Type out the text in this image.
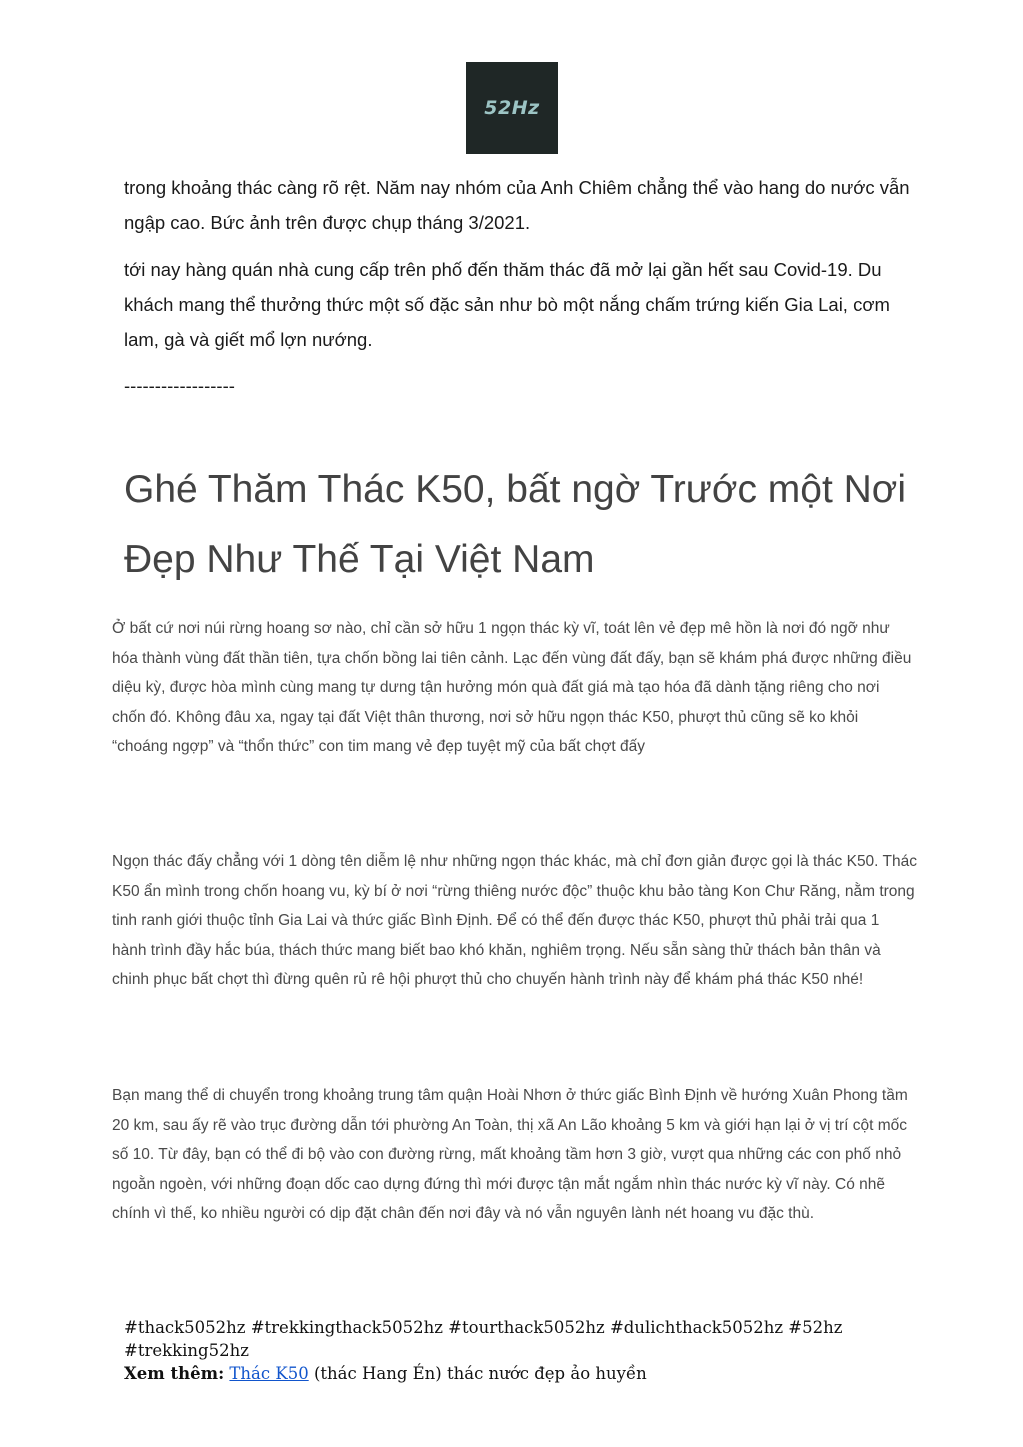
52Hz

trong khoảng thác càng rõ rệt. Năm nay nhóm của Anh Chiêm chẳng thể vào hang do nước vẫn ngập cao. Bức ảnh trên được chụp tháng 3/2021.

tới nay hàng quán nhà cung cấp trên phố đến thăm thác đã mở lại gần hết sau Covid-19. Du khách mang thể thưởng thức một số đặc sản như bò một nắng chấm trứng kiến Gia Lai, cơm lam, gà và giết mổ lợn nướng.

------------------

Ghé Thăm Thác K50, bất ngờ Trước một Nơi Đẹp Như Thế Tại Việt Nam

Ở bất cứ nơi núi rừng hoang sơ nào, chỉ cần sở hữu 1 ngọn thác kỳ vĩ, toát lên vẻ đẹp mê hồn là nơi đó ngỡ như hóa thành vùng đất thần tiên, tựa chốn bồng lai tiên cảnh. Lạc đến vùng đất đấy, bạn sẽ khám phá được những điều diệu kỳ, được hòa mình cùng mang tự dưng tận hưởng món quà đất giá mà tạo hóa đã dành tặng riêng cho nơi chốn đó. Không đâu xa, ngay tại đất Việt thân thương, nơi sở hữu ngọn thác K50, phượt thủ cũng sẽ ko khỏi “choáng ngợp” và “thổn thức” con tim mang vẻ đẹp tuyệt mỹ của bất chợt đấy

Ngọn thác đấy chẳng với 1 dòng tên diễm lệ như những ngọn thác khác, mà chỉ đơn giản được gọi là thác K50. Thác K50 ẩn mình trong chốn hoang vu, kỳ bí ở nơi “rừng thiêng nước độc” thuộc khu bảo tàng Kon Chư Răng, nằm trong tinh ranh giới thuộc tỉnh Gia Lai và thức giấc Bình Định. Để có thể đến được thác K50, phượt thủ phải trải qua 1 hành trình đầy hắc búa, thách thức mang biết bao khó khăn, nghiêm trọng. Nếu sẵn sàng thử thách bản thân và chinh phục bất chợt thì đừng quên rủ rê hội phượt thủ cho chuyến hành trình này để khám phá thác K50 nhé!

Bạn mang thể di chuyển trong khoảng trung tâm quận Hoài Nhơn ở thức giấc Bình Định về hướng Xuân Phong tầm 20 km, sau ấy rẽ vào trục đường dẫn tới phường An Toàn, thị xã An Lão khoảng 5 km và giới hạn lại ở vị trí cột mốc số 10. Từ đây, bạn có thể đi bộ vào con đường rừng, mất khoảng tầm hơn 3 giờ, vượt qua những các con phố nhỏ ngoằn ngoèn, với những đoạn dốc cao dựng đứng thì mới được tận mắt ngắm nhìn thác nước kỳ vĩ này. Có nhẽ chính vì thế, ko nhiều người có dịp đặt chân đến nơi đây và nó vẫn nguyên lành nét hoang vu đặc thù.

#thack5052hz #trekkingthack5052hz #tourthack5052hz #dulichthack5052hz #52hz #trekking52hz
Xem thêm: Thác K50 (thác Hang Én) thác nước đẹp ảo huyền
